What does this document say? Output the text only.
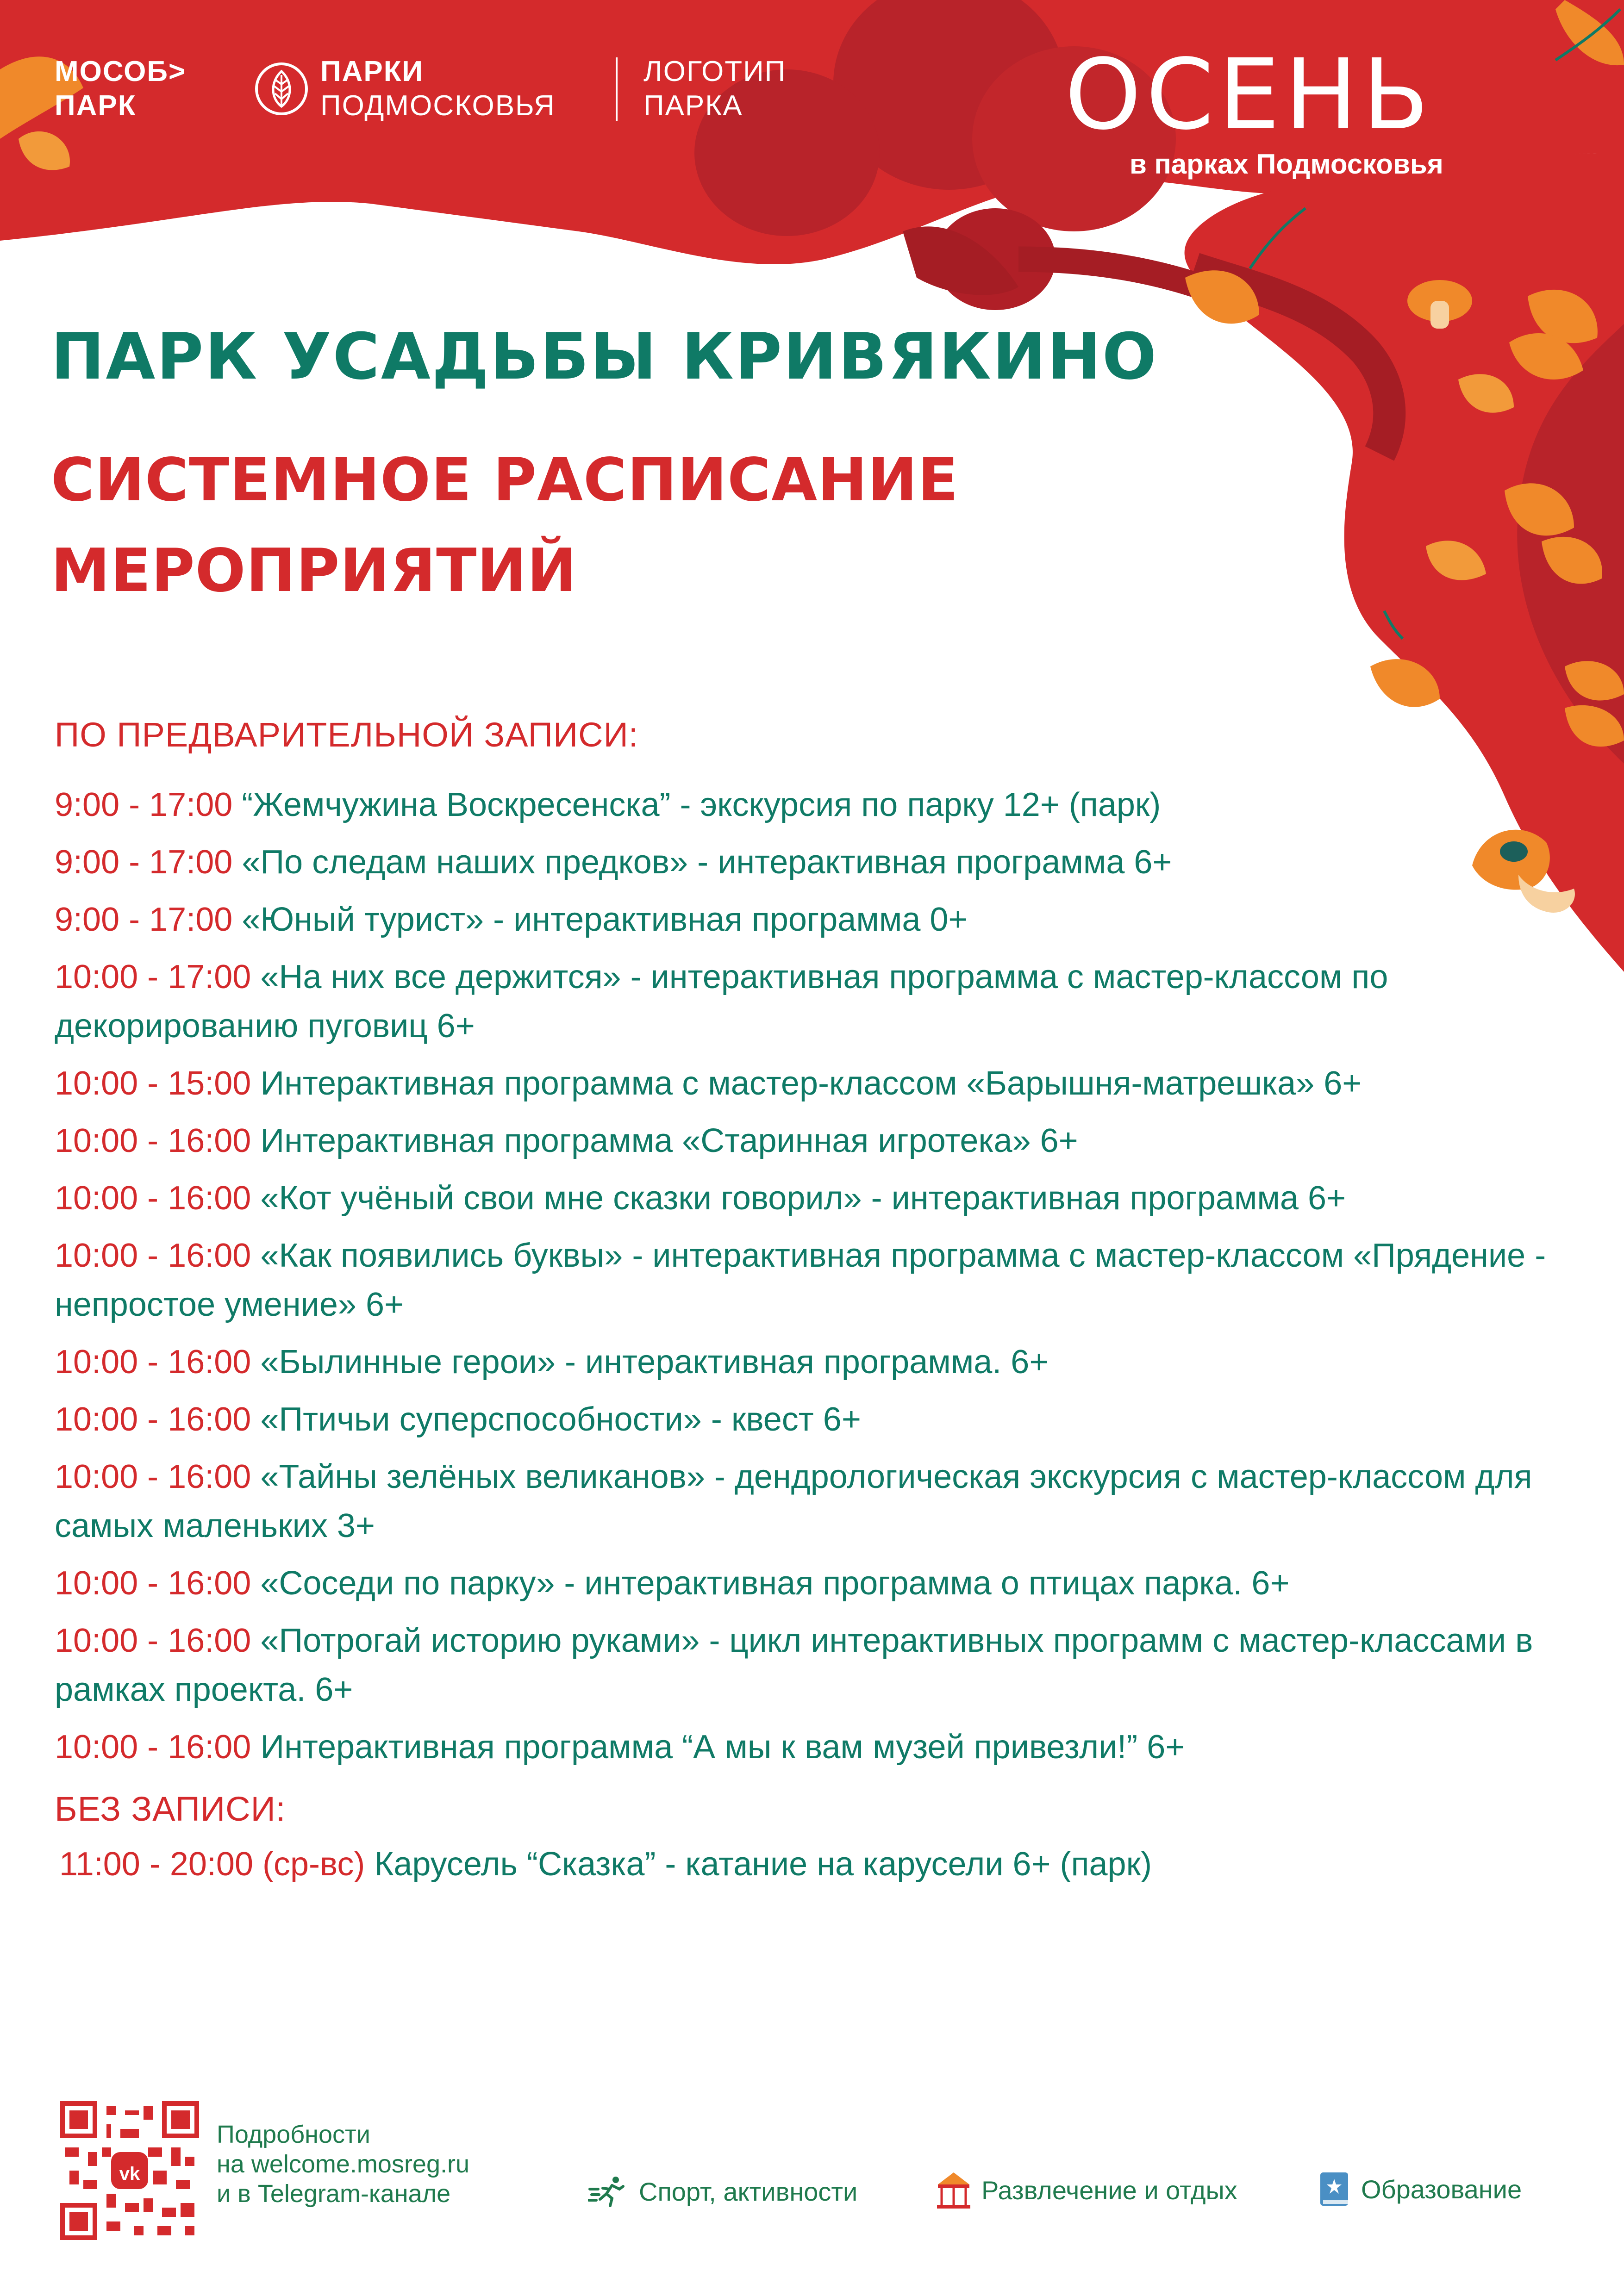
МОСОБ>
ПАРК
ПАРКИ
ПОДМОСКОВЬЯ
ЛОГОТИП
ПАРКА	ОСЕНЬ
в парках Подмосковья
ПАРК УСАДЬБЫ КРИВЯКИНО
СИСТЕМНОЕ РАСПИСАНИЕ
МЕРОПРИЯТИЙ
ПО ПРЕДВАРИТЕЛЬНОЙ ЗАПИСИ:
9:00 - 17:00 “Жемчужина Воскресенска” - экскурсия по парку 12+ (парк)
9:00 - 17:00 «По следам наших предков» - интерактивная программа 6+
9:00 - 17:00 «Юный турист» - интерактивная программа 0+
10:00 - 17:00 «На них все держится» - интерактивная программа с мастер-классом по декорированию пуговиц 6+
10:00 - 15:00 Интерактивная программа с мастер-классом «Барышня-матрешка» 6+
10:00 - 16:00 Интерактивная программа «Старинная игротека» 6+
10:00 - 16:00 «Кот учёный свои мне сказки говорил» - интерактивная программа 6+
10:00 - 16:00 «Как появились буквы» - интерактивная программа с мастер-классом «Прядение - непростое умение» 6+
10:00 - 16:00 «Былинные герои» - интерактивная программа. 6+
10:00 - 16:00 «Птичьи суперспособности» - квест 6+
10:00 - 16:00 «Тайны зелёных великанов» - дендрологическая экскурсия с мастер-классом для самых маленьких 3+
10:00 - 16:00 «Соседи по парку» - интерактивная программа о птицах парка. 6+
10:00 - 16:00 «Потрогай историю руками» - цикл интерактивных программ с мастер-классами в рамках проекта. 6+
10:00 - 16:00 Интерактивная программа “А мы к вам музей привезли!” 6+
БЕЗ ЗАПИСИ:
11:00 - 20:00 (ср-вс) Карусель “Сказка” - катание на карусели 6+ (парк)
vk
Подробности
на welcome.mosreg.ru
и в Telegram-канале	Спорт, активности	Развлечение и отдых	Образование
